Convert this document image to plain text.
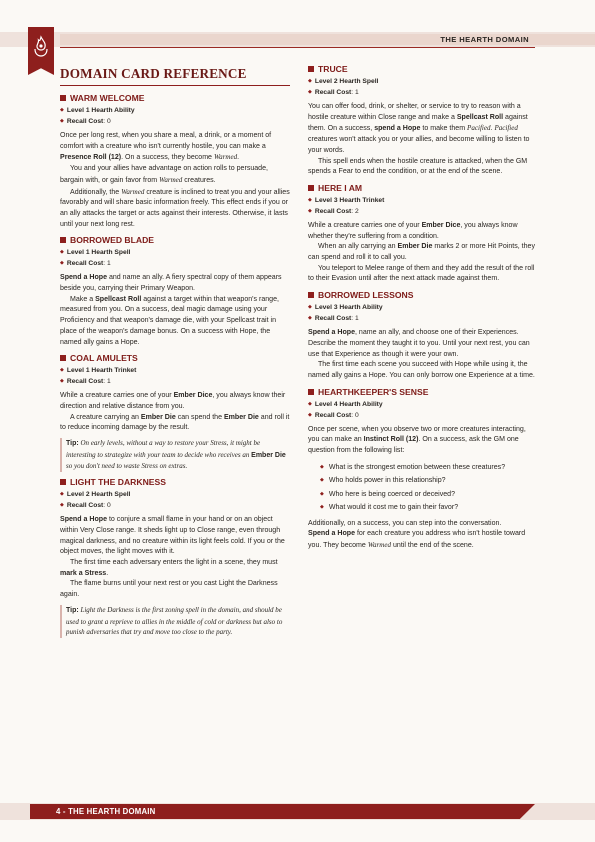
THE HEARTH DOMAIN
DOMAIN CARD REFERENCE
WARM WELCOME
◆ Level 1 Hearth Ability
◆ Recall Cost: 0

Once per long rest, when you share a meal, a drink, or a moment of comfort with a creature who isn't currently hostile, you can make a Presence Roll (12). On a success, they become Warmed.

You and your allies have advantage on action rolls to persuade, bargain with, or gain favor from Warmed creatures.

Additionally, the Warmed creature is inclined to treat you and your allies favorably and will share basic information freely. This effect ends if you or an ally attacks the target or acts against their interests. Otherwise, it lasts until your next long rest.

BORROWED BLADE
◆ Level 1 Hearth Spell
◆ Recall Cost: 1

Spend a Hope and name an ally. A fiery spectral copy of them appears beside you, carrying their Primary Weapon.

Make a Spellcast Roll against a target within that weapon's range, measured from you. On a success, deal magic damage using your Proficiency and that weapon's damage die, with your Spellcast trait in place of the weapon's damage bonus. On a success with Hope, the named ally gains a Hope.

COAL AMULETS
◆ Level 1 Hearth Trinket
◆ Recall Cost: 1

While a creature carries one of your Ember Dice, you always know their direction and relative distance from you.

A creature carrying an Ember Die can spend the Ember Die and roll it to reduce incoming damage by the result.

Tip: On early levels, without a way to restore your Stress, it might be interesting to strategize with your team to decide who receives an Ember Die so you don't need to waste Stress on extras.
LIGHT THE DARKNESS
◆ Level 2 Hearth Spell
◆ Recall Cost: 0

Spend a Hope to conjure a small flame in your hand or on an object within Very Close range. It sheds light up to Close range, even through magical darkness, and no creature within its light feels cold. If you or the object moves, the light moves with it.

The first time each adversary enters the light in a scene, they must mark a Stress.

The flame burns until your next rest or you cast Light the Darkness again.

Tip: Light the Darkness is the first zoning spell in the domain, and should be used to grant a reprieve to allies in the middle of cold or darkness but also to punish adversaries that try and move too close to the party.
TRUCE
◆ Level 2 Hearth Spell
◆ Recall Cost: 1

You can offer food, drink, or shelter, or service to try to reason with a hostile creature within Close range and make a Spellcast Roll against them. On a success, spend a Hope to make them Pacified. Pacified creatures won't attack you or your allies, and become willing to listen to your words.

This spell ends when the hostile creature is attacked, when the GM spends a Fear to end the condition, or at the end of the scene.

HERE I AM
◆ Level 3 Hearth Trinket
◆ Recall Cost: 2

While a creature carries one of your Ember Dice, you always know whether they're suffering from a condition.

When an ally carrying an Ember Die marks 2 or more Hit Points, they can spend and roll it to call you.

You teleport to Melee range of them and they add the result of the roll to their Evasion until after the next attack made against them.

BORROWED LESSONS
◆ Level 3 Hearth Ability
◆ Recall Cost: 1

Spend a Hope, name an ally, and choose one of their Experiences. Describe the moment they taught it to you. Until your next rest, you can use that Experience as though it were your own.

The first time each scene you succeed with Hope while using it, the named ally gains a Hope. You can only borrow one Experience at a time.

HEARTHKEEPER'S SENSE
◆ Level 4 Hearth Ability
◆ Recall Cost: 0

Once per scene, when you observe two or more creatures interacting, you can make an Instinct Roll (12). On a success, ask the GM one question from the following list:

◆ What is the strongest emotion between these creatures?
◆ Who holds power in this relationship?
◆ Who here is being coerced or deceived?
◆ What would it cost me to gain their favor?

Additionally, on a success, you can step into the conversation.

Spend a Hope for each creature you address who isn't hostile toward you. They become Warmed until the end of the scene.

4 - THE HEARTH DOMAIN
